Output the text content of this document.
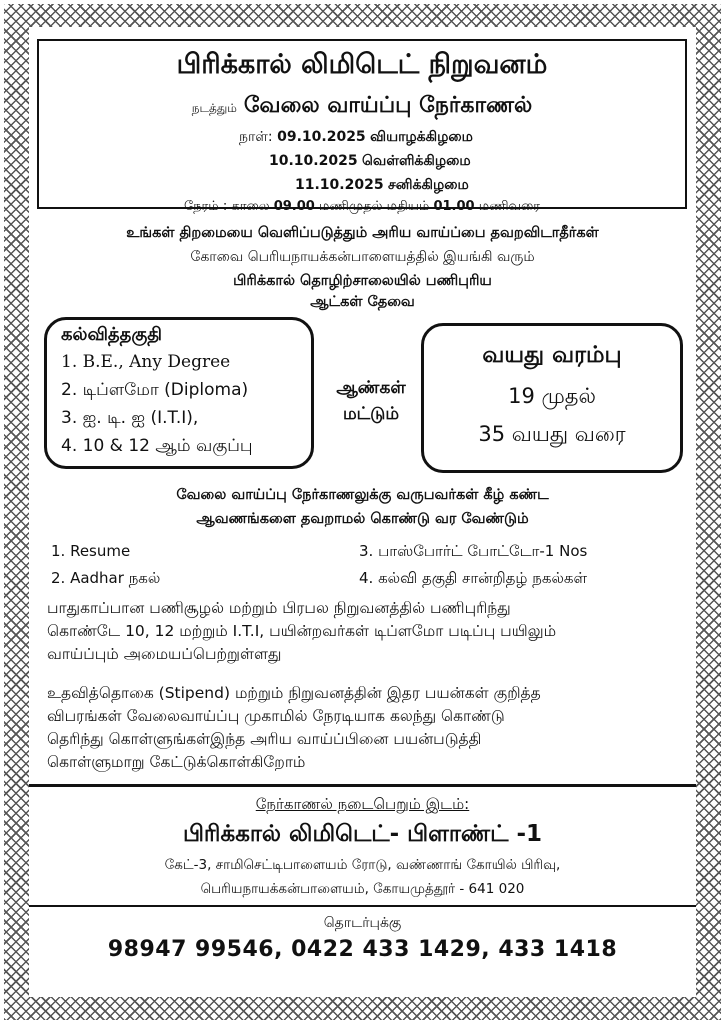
பிரிக்கால் லிமிடெட் நிறுவனம்
நடத்தும் வேலை வாய்ப்பு நேர்காணல்
நாள்: 09.10.2025 வியாழக்கிழமை
10.10.2025 வெள்ளிக்கிழமை
11.10.2025 சனிக்கிழமை
நேரம் : காலை 09.00 மணிமுதல் மதியம் 01.00 மணிவரை
உங்கள் திறமையை வெளிப்படுத்தும் அரிய வாய்ப்பை தவறவிடாதீர்கள்
கோவை பெரியநாயக்கன்பாளையத்தில் இயங்கி வரும்
பிரிக்கால் தொழிற்சாலையில் பணிபுரிய
ஆட்கள் தேவை
கல்வித்தகுதி
1. B.E., Any Degree
2. டிப்ளமோ (Diploma)
3. ஐ. டி. ஐ (I.T.I),
4. 10 & 12 ஆம் வகுப்பு
ஆண்கள்
மட்டும்
வயது வரம்பு
19 முதல்
35 வயது வரை
வேலை வாய்ப்பு நேர்காணலுக்கு வருபவர்கள் கீழ் கண்ட
ஆவணங்களை தவறாமல் கொண்டு வர வேண்டும்
1. Resume	3. பாஸ்போர்ட் போட்டோ-1 Nos
2. Aadhar நகல்	4. கல்வி தகுதி சான்றிதழ் நகல்கள்
பாதுகாப்பான பணிசூழல் மற்றும் பிரபல நிறுவனத்தில் பணிபுரிந்து
கொண்டே 10, 12 மற்றும் I.T.I, பயின்றவர்கள் டிப்ளமோ படிப்பு பயிலும்
வாய்ப்பும் அமையப்பெற்றுள்ளது
உதவித்தொகை (Stipend) மற்றும் நிறுவனத்தின் இதர பயன்கள் குறித்த
விபரங்கள் வேலைவாய்ப்பு முகாமில் நேரடியாக கலந்து கொண்டு
தெரிந்து கொள்ளுங்கள்இந்த அரிய வாய்ப்பினை பயன்படுத்தி
கொள்ளுமாறு கேட்டுக்கொள்கிறோம்
நேர்காணல் நடைபெறும் இடம்:
பிரிக்கால் லிமிடெட்- பிளாண்ட் -1
கேட்-3, சாமிசெட்டிபாளையம் ரோடு, வண்ணாங் கோயில் பிரிவு,
பெரியநாயக்கன்பாளையம், கோயமுத்தூர் - 641 020
தொடர்புக்கு
98947 99546, 0422 433 1429, 433 1418
